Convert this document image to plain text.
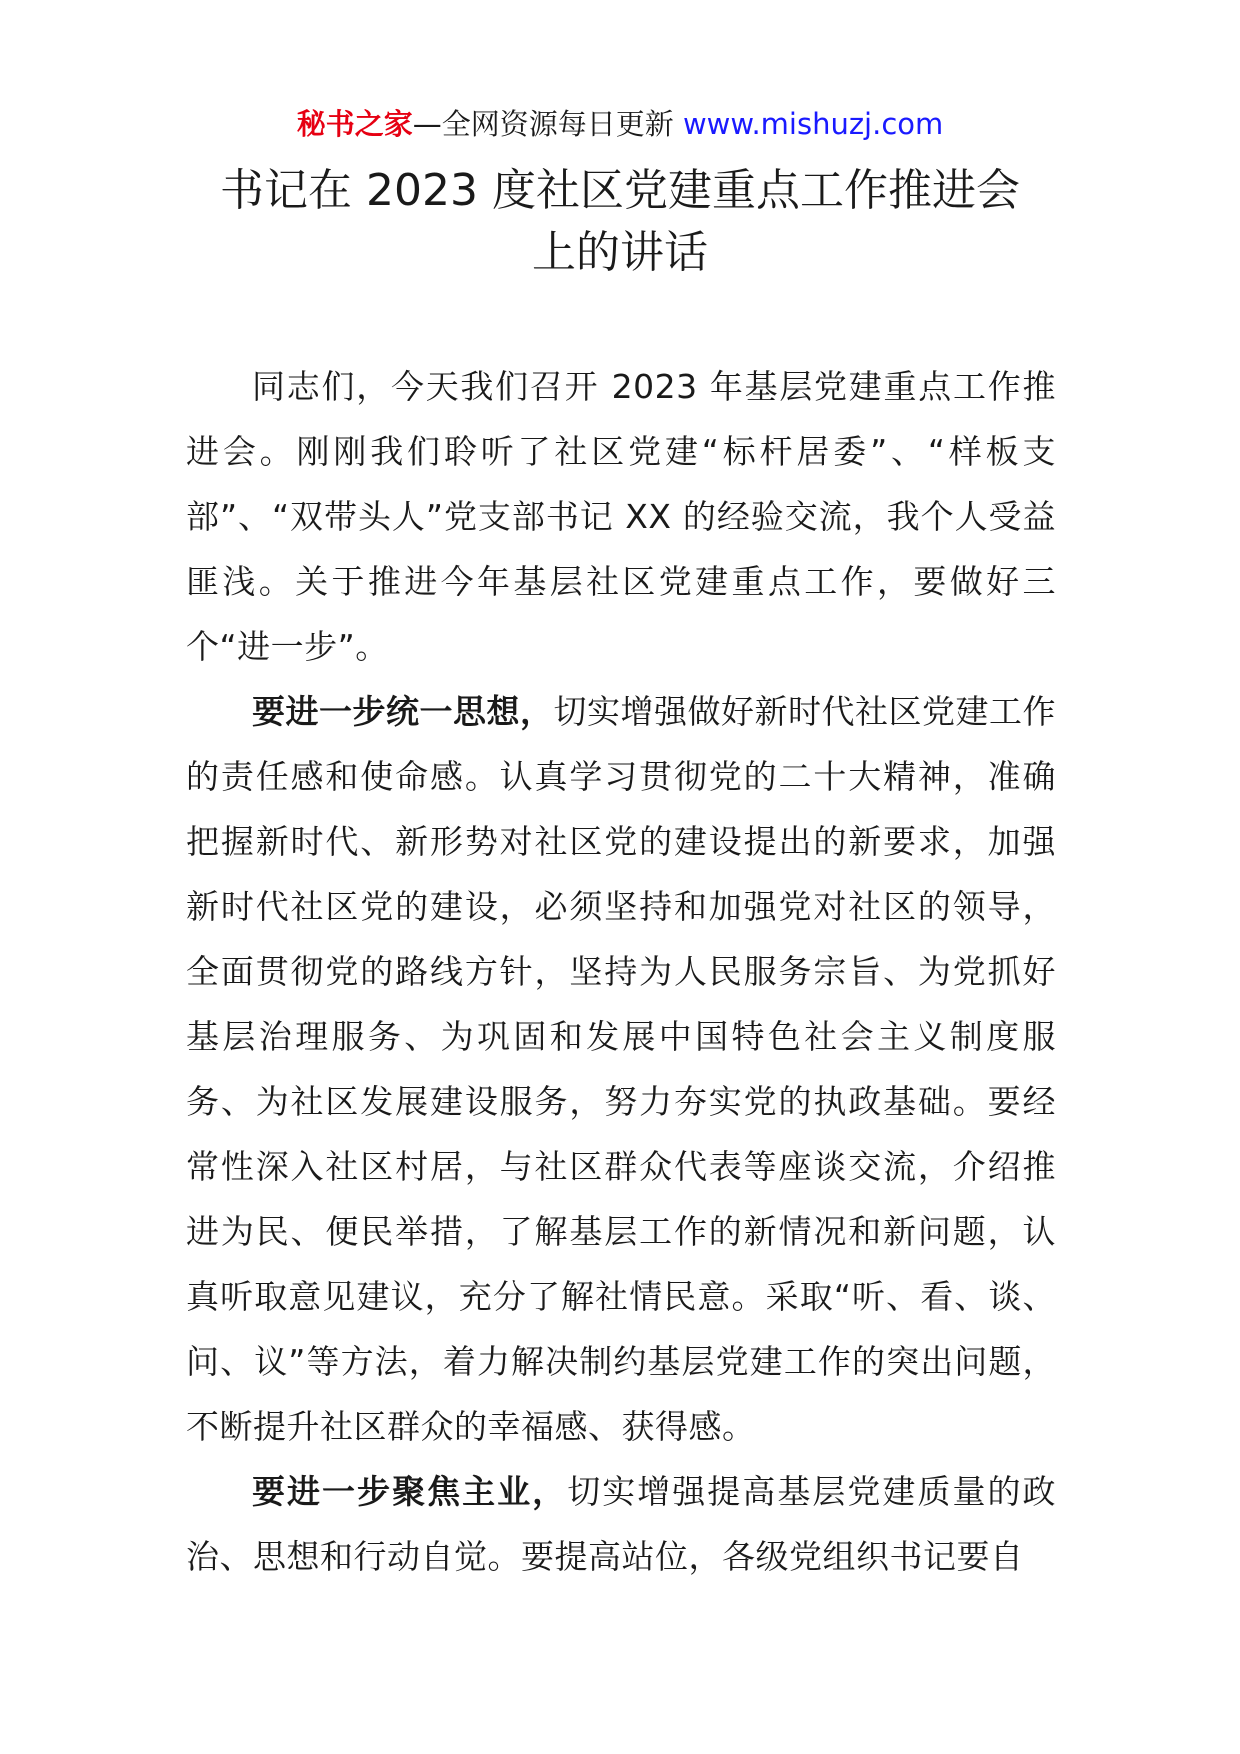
秘书之家—全网资源每日更新 www.mishuzj.com
书记在 2023 度社区党建重点工作推进会
上的讲话

同志们，今天我们召开 2023 年基层党建重点工作推进会。刚刚我们聆听了社区党建“标杆居委”、“样板支部”、“双带头人”党支部书记 XX 的经验交流，我个人受益匪浅。关于推进今年基层社区党建重点工作，要做好三个“进一步”。

要进一步统一思想，切实增强做好新时代社区党建工作的责任感和使命感。认真学习贯彻党的二十大精神，准确把握新时代、新形势对社区党的建设提出的新要求，加强新时代社区党的建设，必须坚持和加强党对社区的领导，全面贯彻党的路线方针，坚持为人民服务宗旨、为党抓好基层治理服务、为巩固和发展中国特色社会主义制度服务、为社区发展建设服务，努力夯实党的执政基础。要经常性深入社区村居，与社区群众代表等座谈交流，介绍推进为民、便民举措，了解基层工作的新情况和新问题，认真听取意见建议，充分了解社情民意。采取“听、看、谈、问、议”等方法，着力解决制约基层党建工作的突出问题，不断提升社区群众的幸福感、获得感。

要进一步聚焦主业，切实增强提高基层党建质量的政治、思想和行动自觉。要提高站位，各级党组织书记要自
